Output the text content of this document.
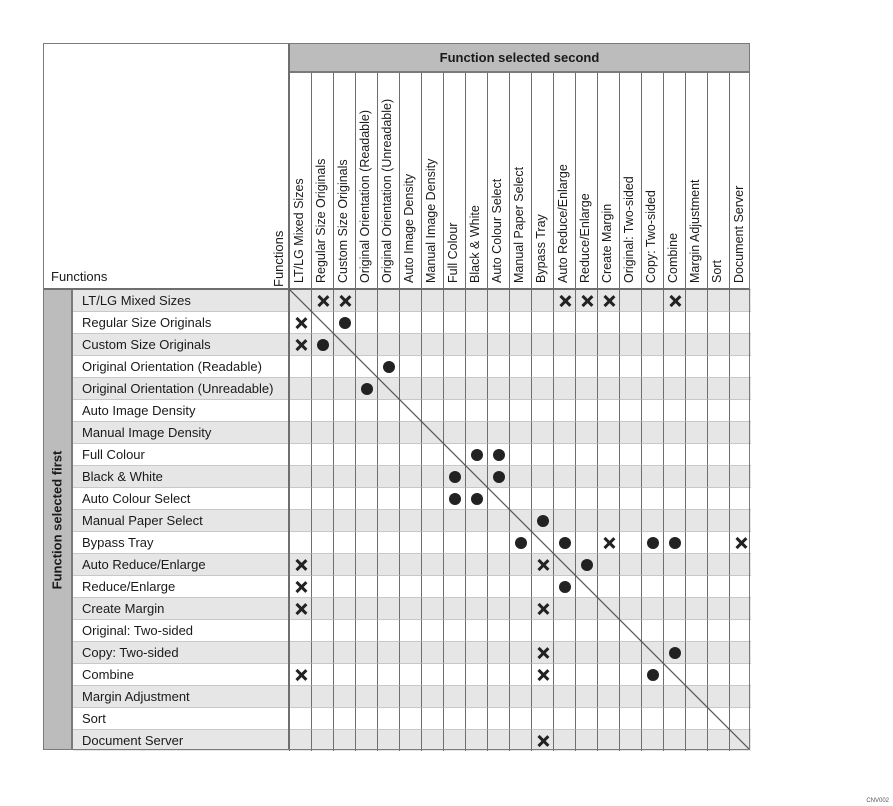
Function selected second
Function selected first
Functions	Functions LT/LG Mixed Sizes Regular Size Originals Custom Size Originals Original Orientation (Readable) Original Orientation (Unreadable) Auto Image Density Manual Image Density Full Colour Black & White Auto Colour Select Manual Paper Select Bypass Tray Auto Reduce/Enlarge Reduce/Enlarge Create Margin Original: Two-sided Copy: Two-sided Combine Margin Adjustment Sort Document Server
LT/LG Mixed Sizes
Regular Size Originals
Custom Size Originals
Original Orientation (Readable)
Original Orientation (Unreadable)
Auto Image Density
Manual Image Density
Full Colour
Black & White
Auto Colour Select
Manual Paper Select
Bypass Tray
Auto Reduce/Enlarge
Reduce/Enlarge
Create Margin
Original: Two-sided
Copy: Two-sided
Combine
Margin Adjustment
Sort
Document Server
CNV002
